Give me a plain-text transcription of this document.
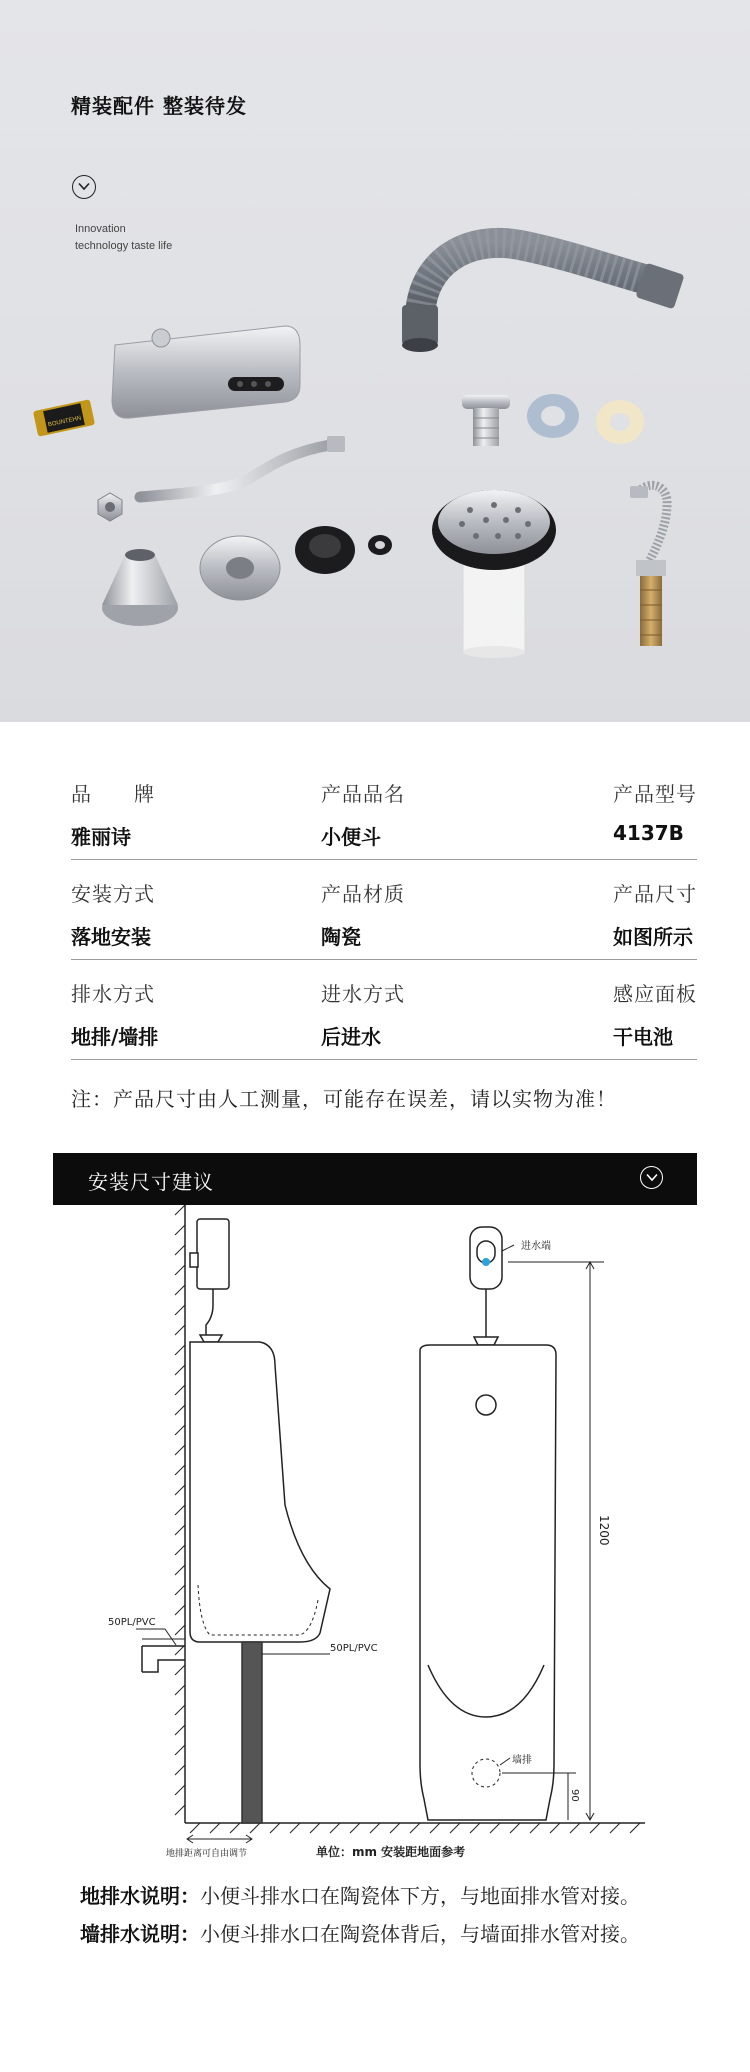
BOUNTEHN
精装配件 整装待发
Innovation
technology taste life
品　　牌
雅丽诗
产品品名
小便斗
产品型号
4137B
安装方式
落地安装
产品材质
陶瓷
产品尺寸
如图所示
排水方式
地排/墙排
进水方式
后进水
感应面板
干电池
注：产品尺寸由人工测量，可能存在误差，请以实物为准！
安装尺寸建议
进水端
1200
墙排
90
50PL/PVC
50PL/PVC
地排距离可自由调节	单位：mm 安装距地面参考
地排水说明：小便斗排水口在陶瓷体下方，与地面排水管对接。
墙排水说明：小便斗排水口在陶瓷体背后，与墙面排水管对接。
